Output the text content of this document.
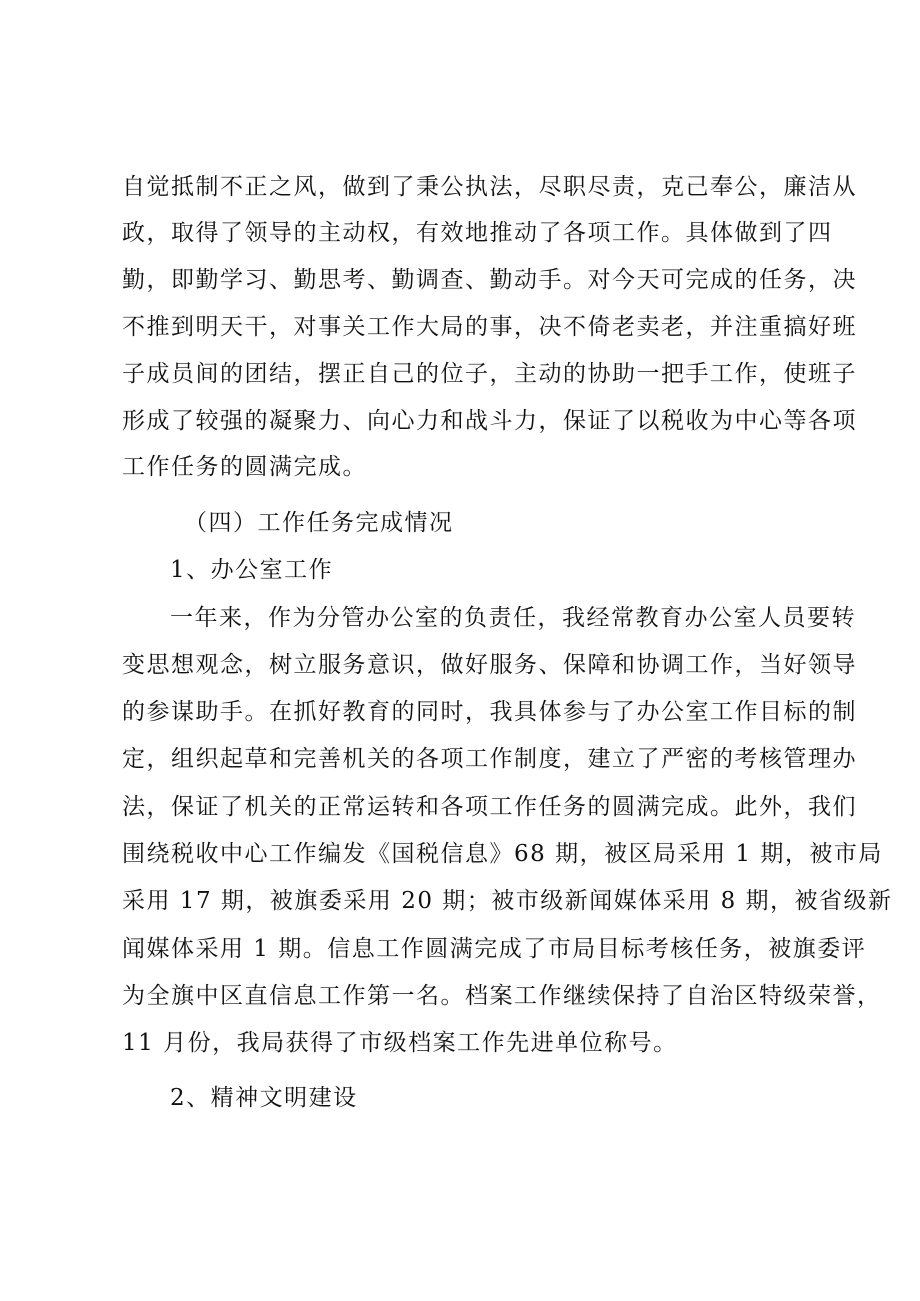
自觉抵制不正之风，做到了秉公执法，尽职尽责，克己奉公，廉洁从
政，取得了领导的主动权，有效地推动了各项工作。具体做到了四
勤，即勤学习、勤思考、勤调查、勤动手。对今天可完成的任务，决
不推到明天干，对事关工作大局的事，决不倚老卖老，并注重搞好班
子成员间的团结，摆正自己的位子，主动的协助一把手工作，使班子
形成了较强的凝聚力、向心力和战斗力，保证了以税收为中心等各项
工作任务的圆满完成。
（四）工作任务完成情况
1、办公室工作
一年来，作为分管办公室的负责任，我经常教育办公室人员要转
变思想观念，树立服务意识，做好服务、保障和协调工作，当好领导
的参谋助手。在抓好教育的同时，我具体参与了办公室工作目标的制
定，组织起草和完善机关的各项工作制度，建立了严密的考核管理办
法，保证了机关的正常运转和各项工作任务的圆满完成。此外，我们
围绕税收中心工作编发《国税信息》68 期，被区局采用 1 期，被市局
采用 17 期，被旗委采用 20 期；被市级新闻媒体采用 8 期，被省级新
闻媒体采用 1 期。信息工作圆满完成了市局目标考核任务，被旗委评
为全旗中区直信息工作第一名。档案工作继续保持了自治区特级荣誉，
11 月份，我局获得了市级档案工作先进单位称号。
2、精神文明建设
